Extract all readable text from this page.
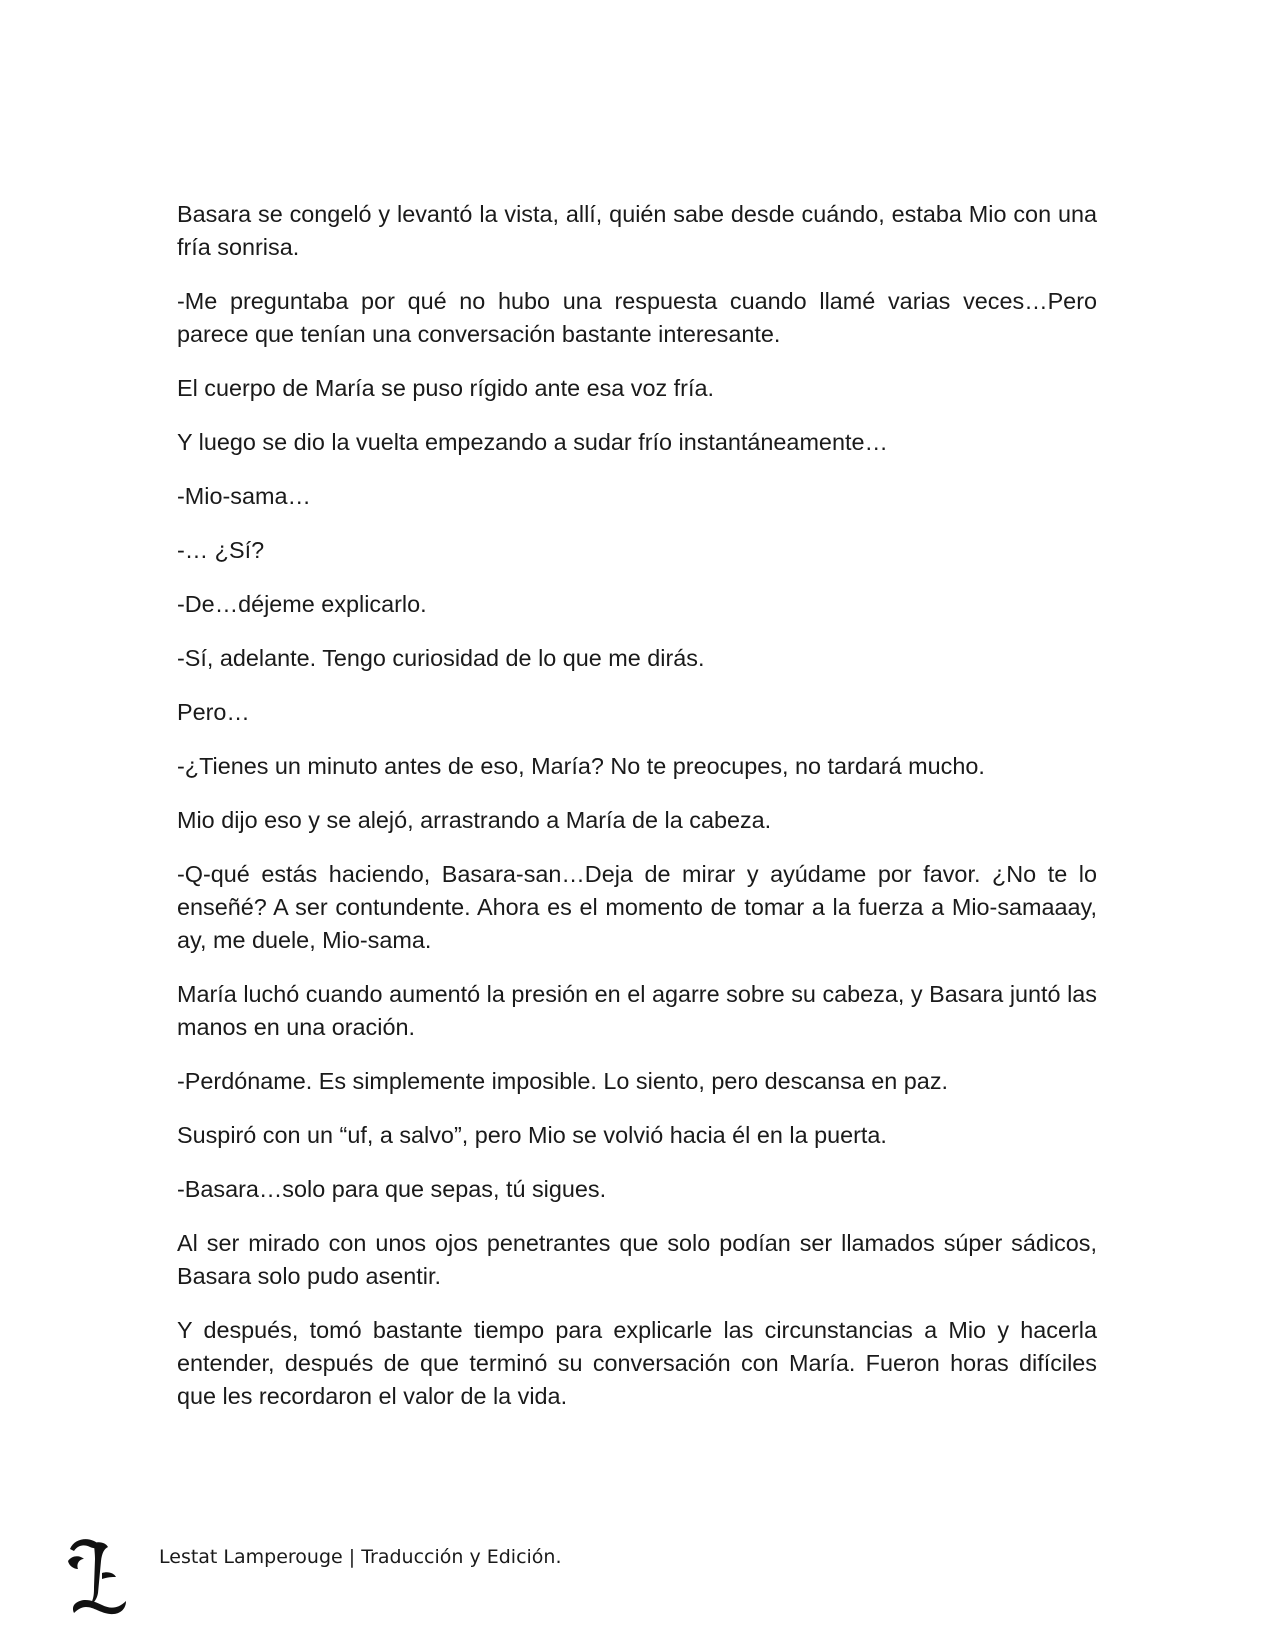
Basara se congeló y levantó la vista, allí, quién sabe desde cuándo, estaba Mio con una fría sonrisa.

-Me preguntaba por qué no hubo una respuesta cuando llamé varias veces…Pero parece que tenían una conversación bastante interesante.

El cuerpo de María se puso rígido ante esa voz fría.

Y luego se dio la vuelta empezando a sudar frío instantáneamente…

-Mio-sama…

-… ¿Sí?

-De…déjeme explicarlo.

-Sí, adelante. Tengo curiosidad de lo que me dirás.

Pero…

-¿Tienes un minuto antes de eso, María? No te preocupes, no tardará mucho.

Mio dijo eso y se alejó, arrastrando a María de la cabeza.

-Q-qué estás haciendo, Basara-san…Deja de mirar y ayúdame por favor. ¿No te lo enseñé? A ser contundente. Ahora es el momento de tomar a la fuerza a Mio-samaaay, ay, me duele, Mio-sama.

María luchó cuando aumentó la presión en el agarre sobre su cabeza, y Basara juntó las manos en una oración.

-Perdóname. Es simplemente imposible. Lo siento, pero descansa en paz.

Suspiró con un “uf, a salvo”, pero Mio se volvió hacia él en la puerta.

-Basara…solo para que sepas, tú sigues.

Al ser mirado con unos ojos penetrantes que solo podían ser llamados súper sádicos, Basara solo pudo asentir.

Y después, tomó bastante tiempo para explicarle las circunstancias a Mio y hacerla entender, después de que terminó su conversación con María. Fueron horas difíciles que les recordaron el valor de la vida.

Lestat Lamperouge | Traducción y Edición.
